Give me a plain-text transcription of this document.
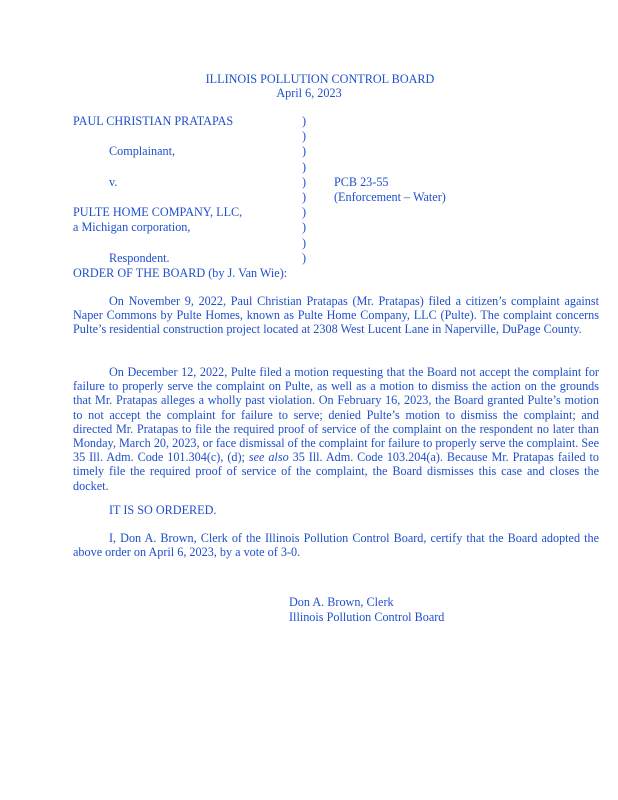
ILLINOIS POLLUTION CONTROL BOARD
April 6, 2023
PAUL CHRISTIAN PRATAPAS	)
)
Complainant,	)
)
v.	) PCB 23-55
) (Enforcement – Water)
PULTE HOME COMPANY, LLC,	)
a Michigan corporation,	)
)
Respondent.	)
ORDER OF THE BOARD (by J. Van Wie):

On November 9, 2022, Paul Christian Pratapas (Mr. Pratapas) filed a citizen’s complaint against Naper Commons by Pulte Homes, known as Pulte Home Company, LLC (Pulte). The complaint concerns Pulte’s residential construction project located at 2308 West Lucent Lane in Naperville, DuPage County.

On December 12, 2022, Pulte filed a motion requesting that the Board not accept the complaint for failure to properly serve the complaint on Pulte, as well as a motion to dismiss the action on the grounds that Mr. Pratapas alleges a wholly past violation. On February 16, 2023, the Board granted Pulte’s motion to not accept the complaint for failure to serve; denied Pulte’s motion to dismiss the complaint; and directed Mr. Pratapas to file the required proof of service of the complaint on the respondent no later than Monday, March 20, 2023, or face dismissal of the complaint for failure to properly serve the complaint. See 35 Ill. Adm. Code 101.304(c), (d); see also 35 Ill. Adm. Code 103.204(a). Because Mr. Pratapas failed to timely file the required proof of service of the complaint, the Board dismisses this case and closes the docket.

IT IS SO ORDERED.

I, Don A. Brown, Clerk of the Illinois Pollution Control Board, certify that the Board adopted the above order on April 6, 2023, by a vote of 3-0.

Don A. Brown, Clerk
Illinois Pollution Control Board
